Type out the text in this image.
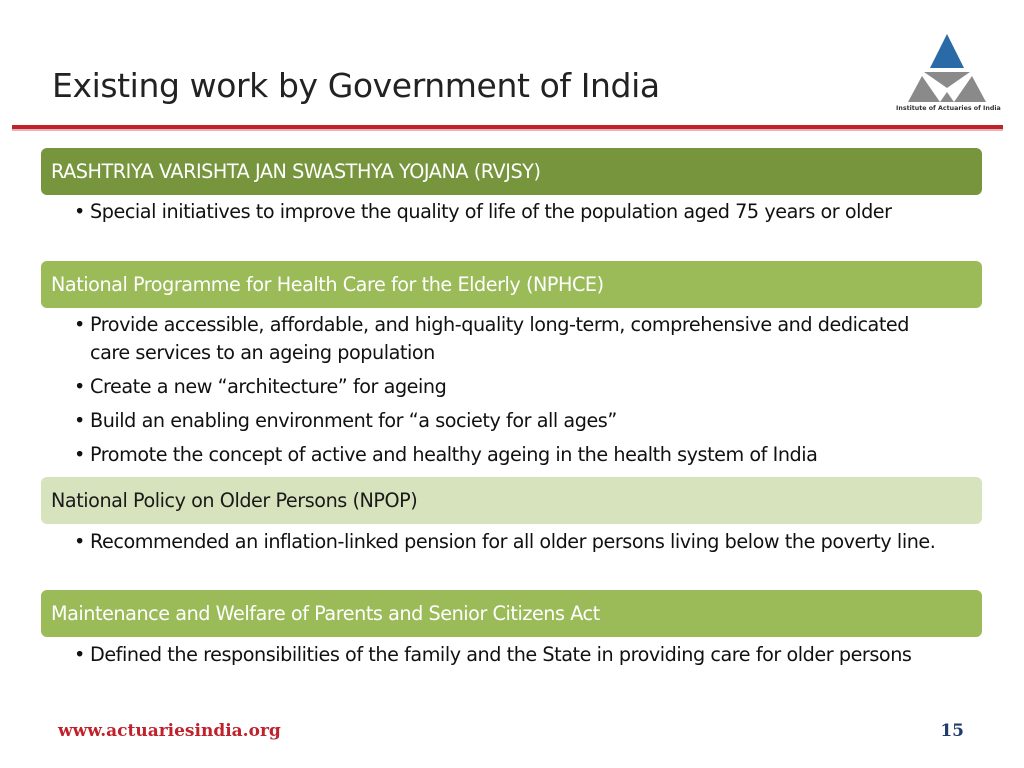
Existing work by Government of India
Institute of Actuaries of India
RASHTRIYA VARISHTA JAN SWASTHYA YOJANA (RVJSY)
• Special initiatives to improve the quality of life of the population aged 75 years or older
National Programme for Health Care for the Elderly (NPHCE)
• Provide accessible, affordable, and high-quality long-term, comprehensive and dedicated care services to an ageing population
• Create a new “architecture” for ageing
• Build an enabling environment for “a society for all ages”
• Promote the concept of active and healthy ageing in the health system of India
National Policy on Older Persons (NPOP)
• Recommended an inflation-linked pension for all older persons living below the poverty line.
Maintenance and Welfare of Parents and Senior Citizens Act
• Defined the responsibilities of the family and the State in providing care for older persons
www.actuariesindia.org	15
